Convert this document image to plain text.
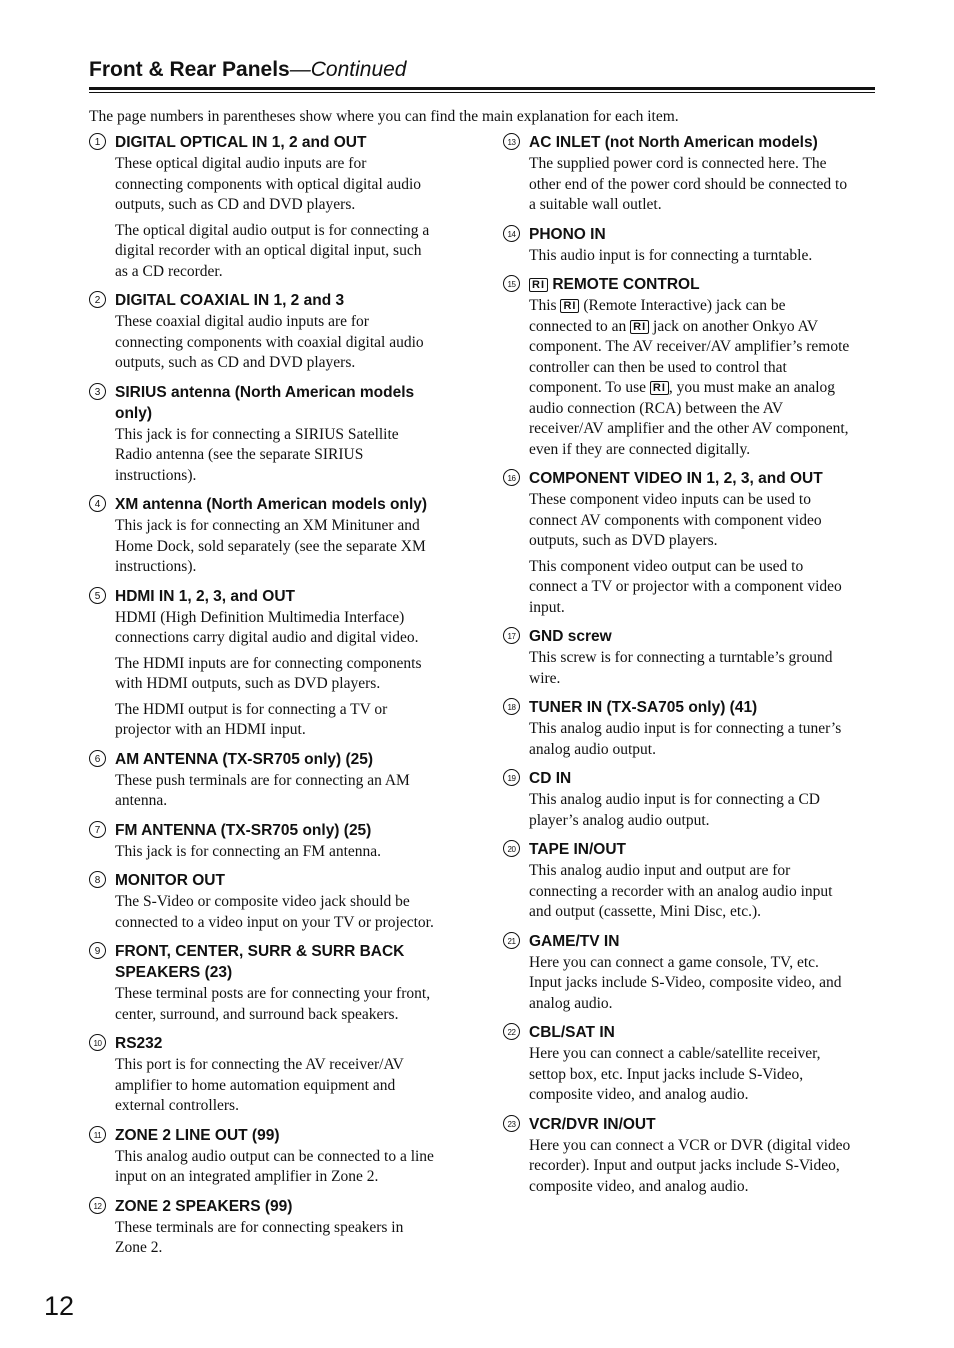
Front & Rear Panels—Continued
The page numbers in parentheses show where you can find the main explanation for each item.
1 DIGITAL OPTICAL IN 1, 2 and OUT
These optical digital audio inputs are for connecting components with optical digital audio outputs, such as CD and DVD players.
The optical digital audio output is for connecting a digital recorder with an optical digital input, such as a CD recorder.
2 DIGITAL COAXIAL IN 1, 2 and 3
These coaxial digital audio inputs are for connecting components with coaxial digital audio outputs, such as CD and DVD players.
3 SIRIUS antenna (North American models only)
This jack is for connecting a SIRIUS Satellite Radio antenna (see the separate SIRIUS instructions).
4 XM antenna (North American models only)
This jack is for connecting an XM Minituner and Home Dock, sold separately (see the separate XM instructions).
5 HDMI IN 1, 2, 3, and OUT
HDMI (High Definition Multimedia Interface) connections carry digital audio and digital video.
The HDMI inputs are for connecting components with HDMI outputs, such as DVD players.
The HDMI output is for connecting a TV or projector with an HDMI input.
6 AM ANTENNA (TX-SR705 only) (25)
These push terminals are for connecting an AM antenna.
7 FM ANTENNA (TX-SR705 only) (25)
This jack is for connecting an FM antenna.
8 MONITOR OUT
The S-Video or composite video jack should be connected to a video input on your TV or projector.
9 FRONT, CENTER, SURR & SURR BACK SPEAKERS (23)
These terminal posts are for connecting your front, center, surround, and surround back speakers.
10 RS232
This port is for connecting the AV receiver/AV amplifier to home automation equipment and external controllers.
11 ZONE 2 LINE OUT (99)
This analog audio output can be connected to a line input on an integrated amplifier in Zone 2.
12 ZONE 2 SPEAKERS (99)
These terminals are for connecting speakers in Zone 2.
13 AC INLET (not North American models)
The supplied power cord is connected here. The other end of the power cord should be connected to a suitable wall outlet.
14 PHONO IN
This audio input is for connecting a turntable.
15	RI REMOTE CONTROL
This RI (Remote Interactive) jack can be connected to an RI jack on another Onkyo AV component. The AV receiver/AV amplifier’s remote controller can then be used to control that component. To use RI , you must make an analog audio connection (RCA) between the AV receiver/AV amplifier and the other AV component, even if they are connected digitally.
16 COMPONENT VIDEO IN 1, 2, 3, and OUT
These component video inputs can be used to connect AV components with component video outputs, such as DVD players.
This component video output can be used to connect a TV or projector with a component video input.
17 GND screw
This screw is for connecting a turntable’s ground wire.
18 TUNER IN (TX-SA705 only) (41)
This analog audio input is for connecting a tuner’s analog audio output.
19 CD IN
This analog audio input is for connecting a CD player’s analog audio output.
20 TAPE IN/OUT
This analog audio input and output are for connecting a recorder with an analog audio input and output (cassette, Mini Disc, etc.).
21 GAME/TV IN
Here you can connect a game console, TV, etc. Input jacks include S-Video, composite video, and analog audio.
22 CBL/SAT IN
Here you can connect a cable/satellite receiver, settop box, etc. Input jacks include S-Video, composite video, and analog audio.
23 VCR/DVR IN/OUT
Here you can connect a VCR or DVR (digital video recorder). Input and output jacks include S-Video, composite video, and analog audio.
12
